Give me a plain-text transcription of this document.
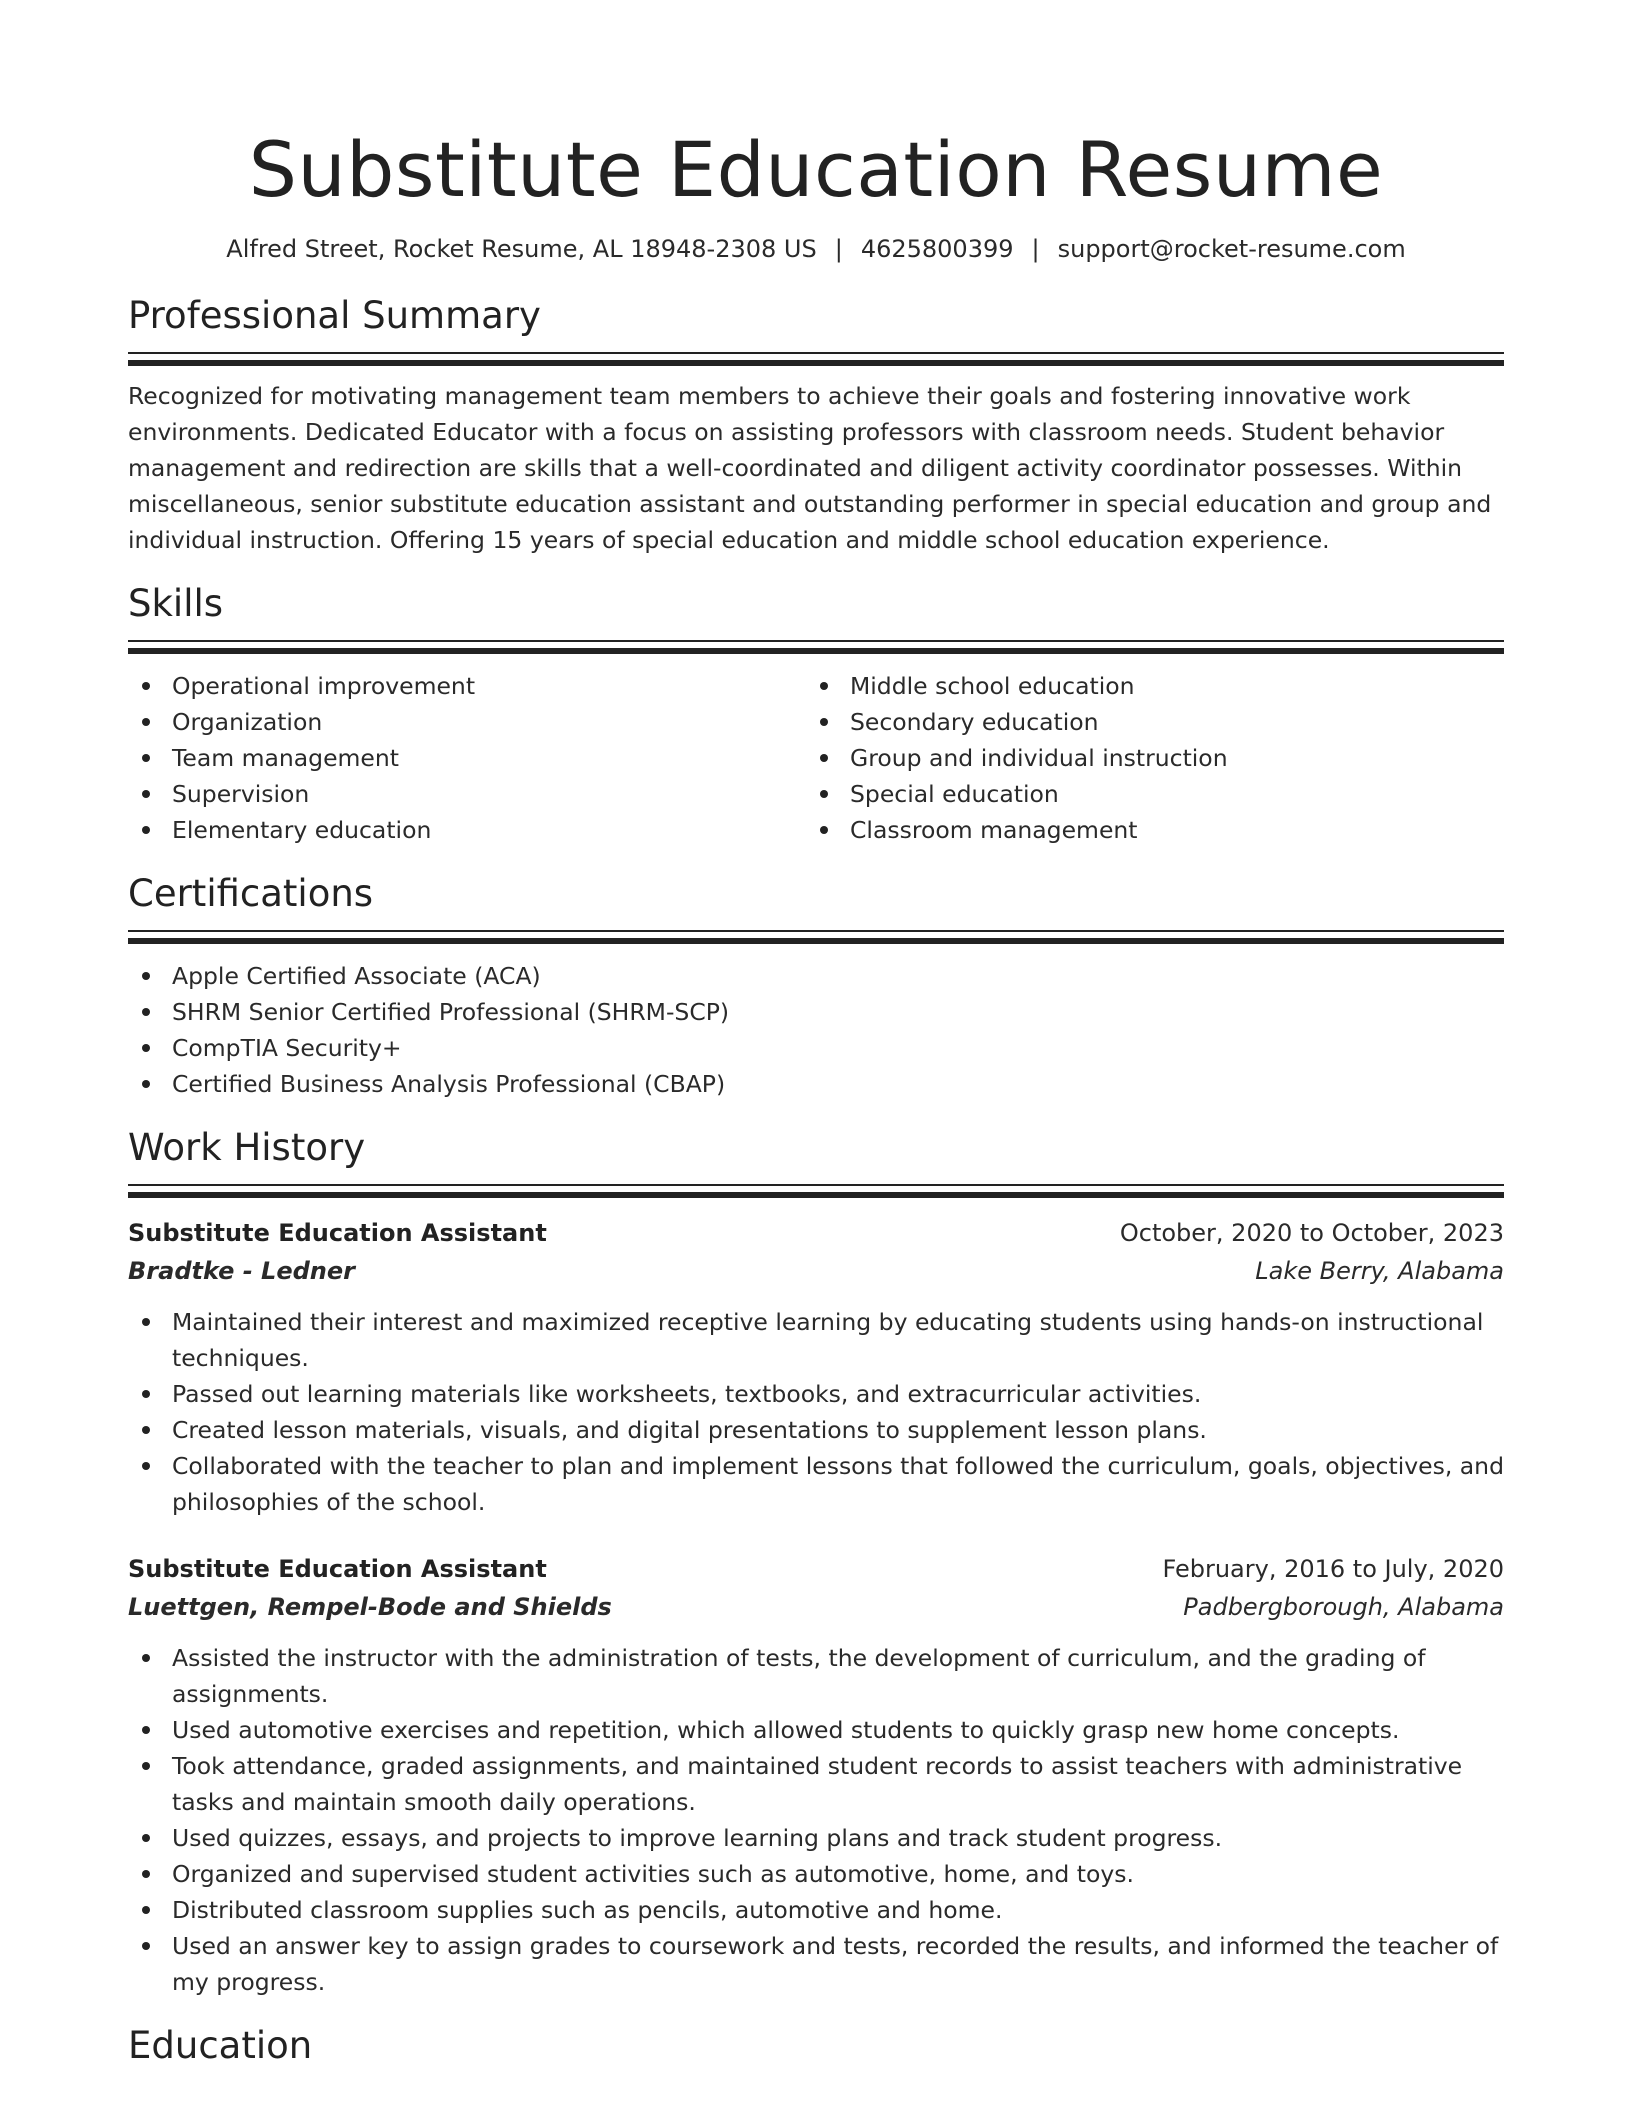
Substitute Education Resume
Alfred Street, Rocket Resume, AL 18948-2308 US | 4625800399 | support@rocket-resume.com
Professional Summary

Recognized for motivating management team members to achieve their goals and fostering innovative work environments. Dedicated Educator with a focus on assisting professors with classroom needs. Student behavior management and redirection are skills that a well-coordinated and diligent activity coordinator possesses. Within miscellaneous, senior substitute education assistant and outstanding performer in special education and group and individual instruction. Offering 15 years of special education and middle school education experience.

Skills
Operational improvement
Organization
Team management
Supervision
Elementary education
Middle school education
Secondary education
Group and individual instruction
Special education
Classroom management
Certifications
Apple Certified Associate (ACA)
SHRM Senior Certified Professional (SHRM-SCP)
CompTIA Security+
Certified Business Analysis Professional (CBAP)
Work History
Substitute Education Assistant	October, 2020 to October, 2023
Bradtke - Ledner	Lake Berry, Alabama
Maintained their interest and maximized receptive learning by educating students using hands-on instructional techniques.
Passed out learning materials like worksheets, textbooks, and extracurricular activities.
Created lesson materials, visuals, and digital presentations to supplement lesson plans.
Collaborated with the teacher to plan and implement lessons that followed the curriculum, goals, objectives, and philosophies of the school.
Substitute Education Assistant	February, 2016 to July, 2020
Luettgen, Rempel-Bode and Shields	Padbergborough, Alabama
Assisted the instructor with the administration of tests, the development of curriculum, and the grading of assignments.
Used automotive exercises and repetition, which allowed students to quickly grasp new home concepts.
Took attendance, graded assignments, and maintained student records to assist teachers with administrative tasks and maintain smooth daily operations.
Used quizzes, essays, and projects to improve learning plans and track student progress.
Organized and supervised student activities such as automotive, home, and toys.
Distributed classroom supplies such as pencils, automotive and home.
Used an answer key to assign grades to coursework and tests, recorded the results, and informed the teacher of my progress.
Education
